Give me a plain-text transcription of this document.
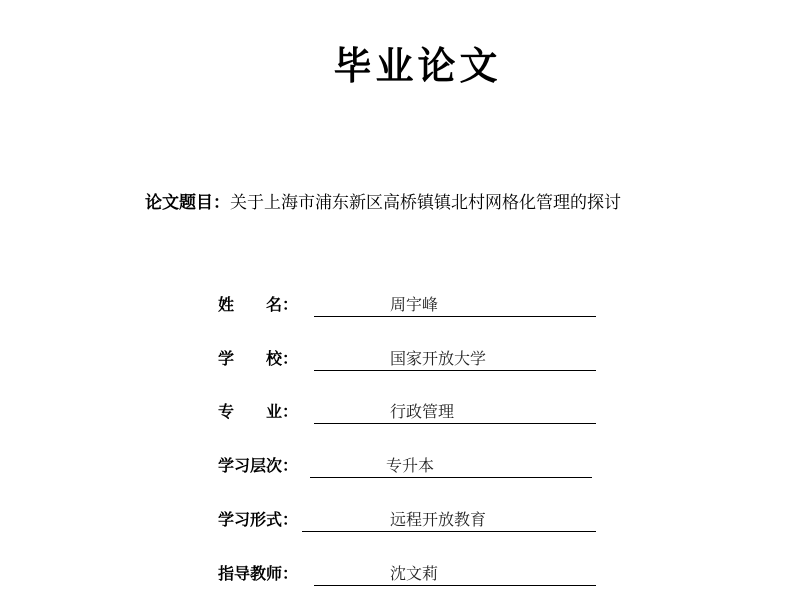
毕业论文
论文题目：关于上海市浦东新区高桥镇镇北村网格化管理的探讨
姓　　名：	周宇峰
学　　校：	国家开放大学
专　　业：	行政管理
学习层次：	专升本
学习形式：	远程开放教育
指导教师：	沈文莉
